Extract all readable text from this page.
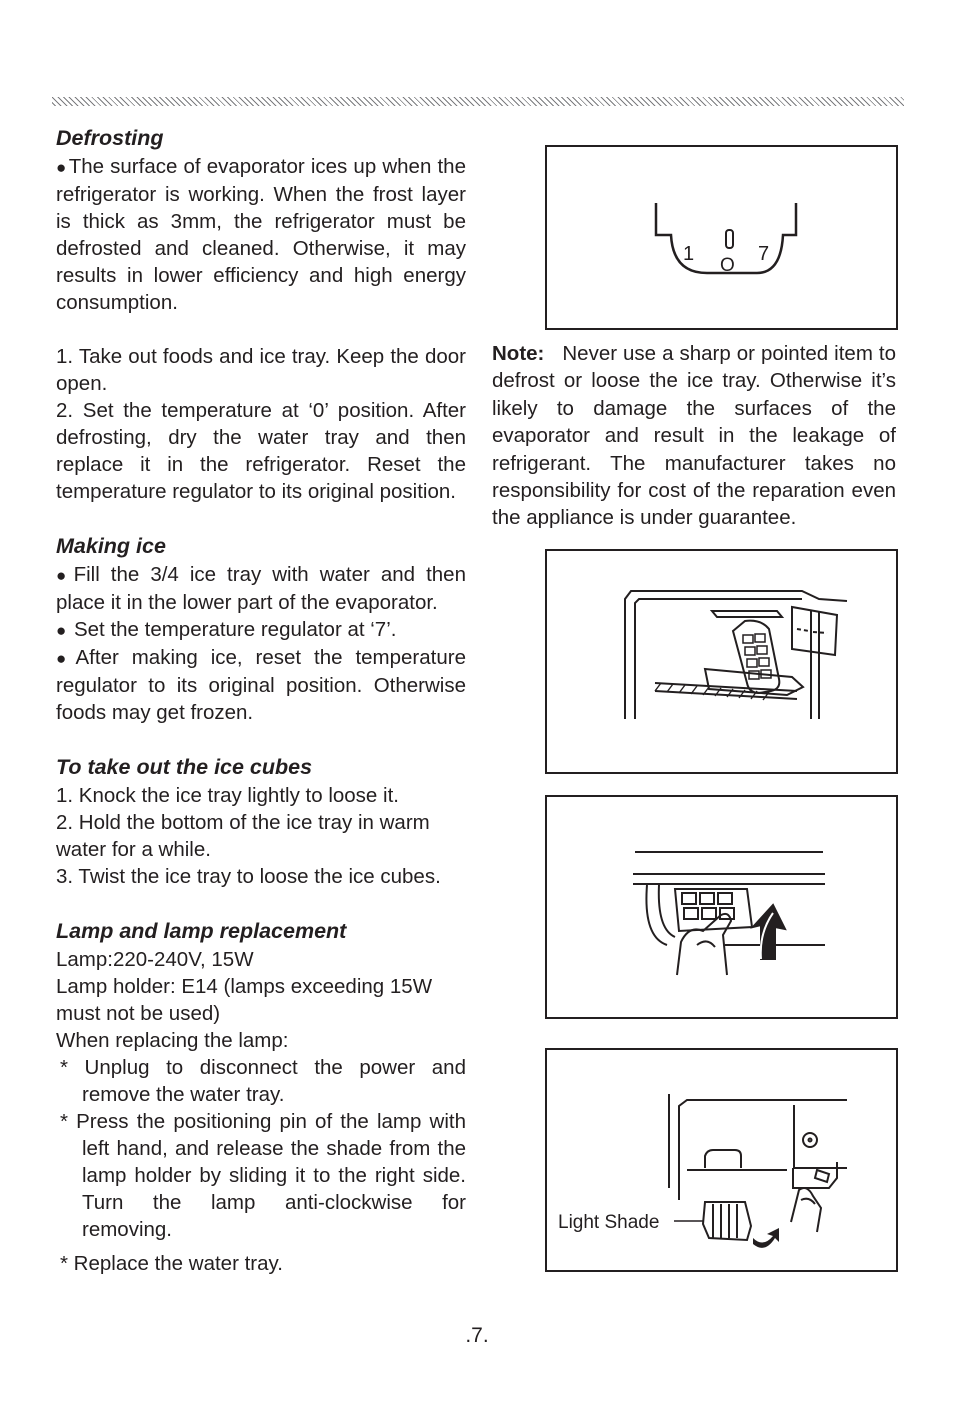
Defrosting

● The surface of evaporator ices up when the refrigerator is working. When the frost layer is thick as 3mm, the refrigerator must be defrosted and cleaned. Otherwise, it may results in lower efficiency and high energy consumption.

1. Take out foods and ice tray. Keep the door open.

2. Set the temperature at ‘0’ position. After defrosting, dry the water tray and then replace it in the refrigerator. Reset the temperature regulator to its original position.

Making ice

● Fill the 3/4 ice tray with water and then place it in the lower part of the evaporator.

● Set the temperature regulator at ‘7’.

● After making ice, reset the temperature regulator to its original position. Otherwise foods may get frozen.

To take out the ice cubes

1. Knock the ice tray lightly to loose it.

2. Hold the bottom of the ice tray in warm water for a while.

3. Twist the ice tray to loose the ice cubes.

Lamp and lamp replacement

Lamp:220-240V, 15W

Lamp holder: E14 (lamps exceeding 15W must not be used)

When replacing the lamp:

* Unplug to disconnect the power and remove the water tray.

* Press the positioning pin of the lamp with left hand, and release the shade from the lamp holder by sliding it to the right side. Turn the lamp anti-clockwise for removing.

* Replace the water tray.

1
O
7
Note: Never use a sharp or pointed item to defrost or loose the ice tray. Otherwise it’s likely to damage the surfaces of the evaporator and result in the leakage of refrigerant. The manufacturer takes no responsibility for cost of the reparation even the appliance is under guarantee.
Light Shade
.7.
